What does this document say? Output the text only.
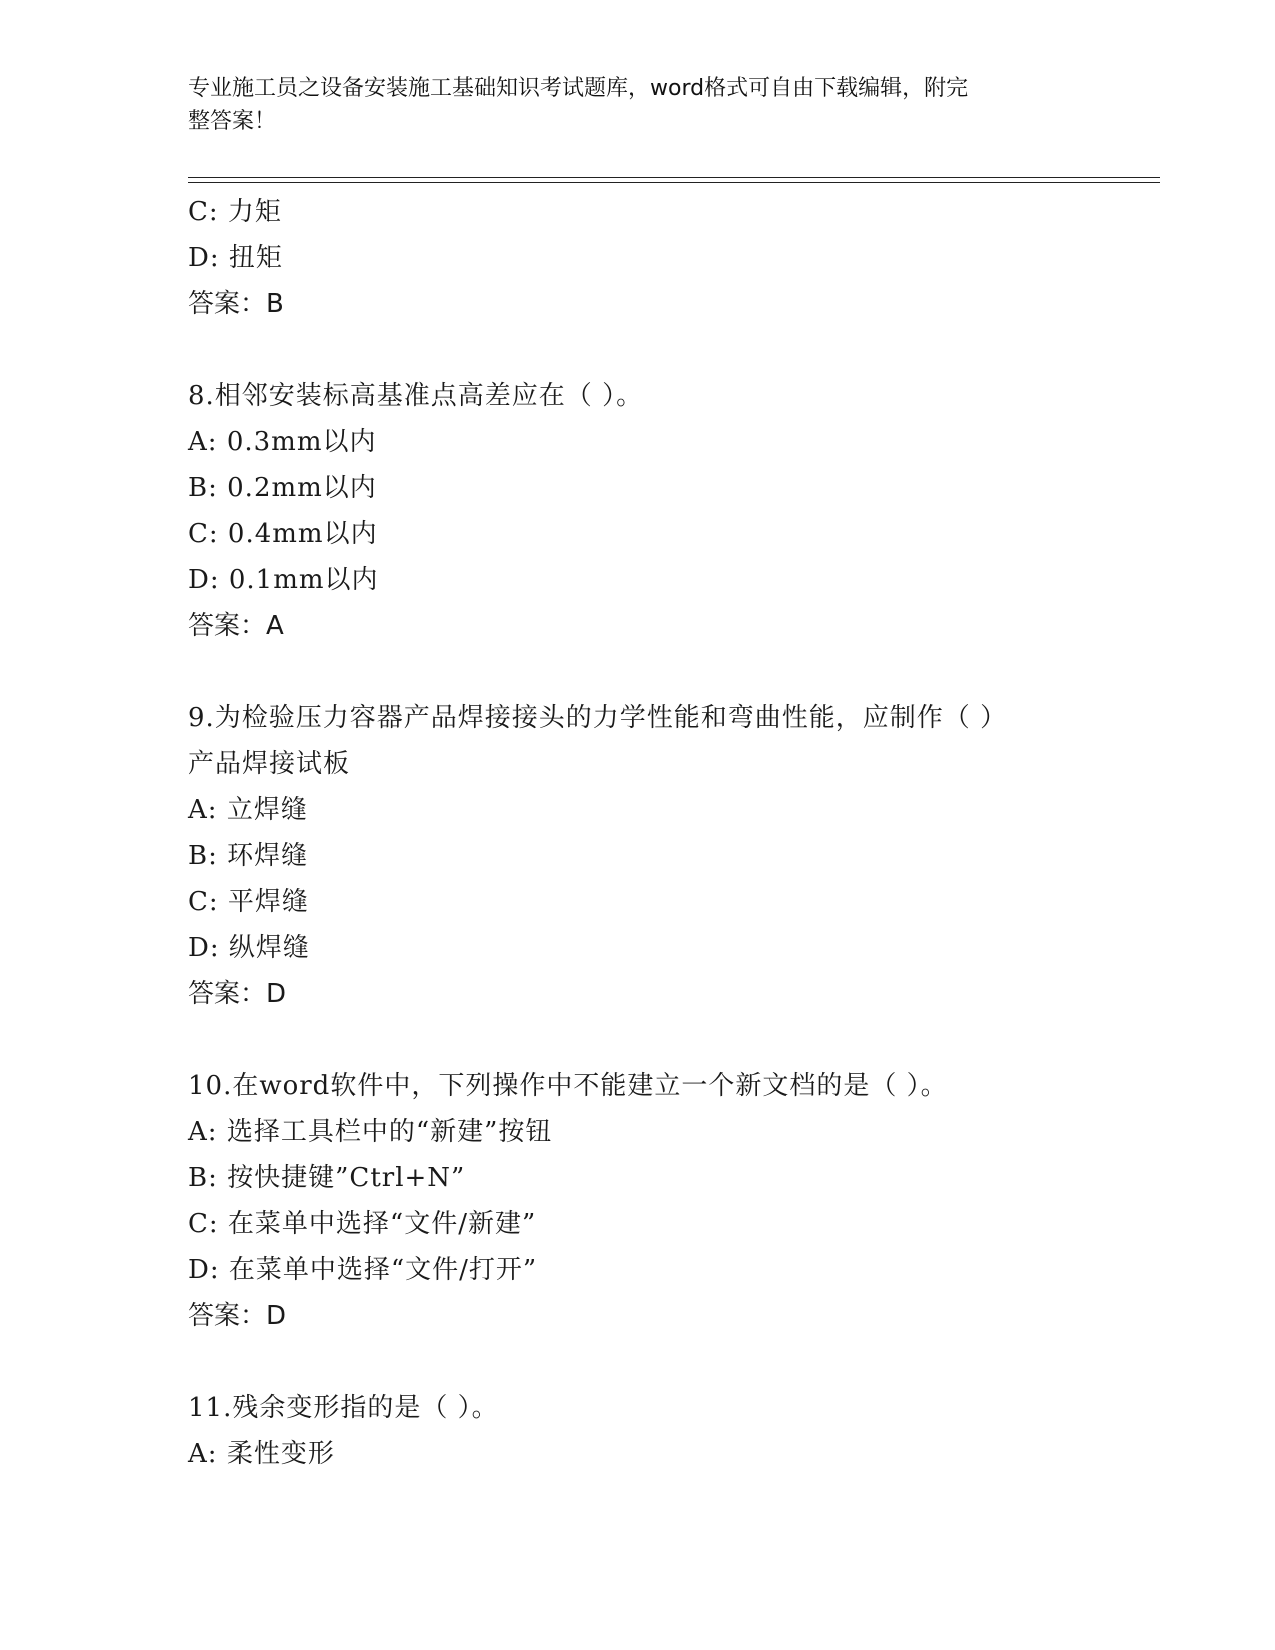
专业施工员之设备安装施工基础知识考试题库，word格式可自由下载编辑，附完
整答案！
C: 力矩
D: 扭矩
答案：B
8.相邻安装标高基准点高差应在（ ）。
A: 0.3mm以内
B: 0.2mm以内
C: 0.4mm以内
D: 0.1mm以内
答案：A
9.为检验压力容器产品焊接接头的力学性能和弯曲性能，应制作（ ）
产品焊接试板
A: 立焊缝
B: 环焊缝
C: 平焊缝
D: 纵焊缝
答案：D
10.在word软件中，下列操作中不能建立一个新文档的是（ ）。
A: 选择工具栏中的“新建”按钮
B: 按快捷键”Ctrl+N”
C: 在菜单中选择“文件/新建”
D: 在菜单中选择“文件/打开”
答案：D
11.残余变形指的是（ ）。
A: 柔性变形
